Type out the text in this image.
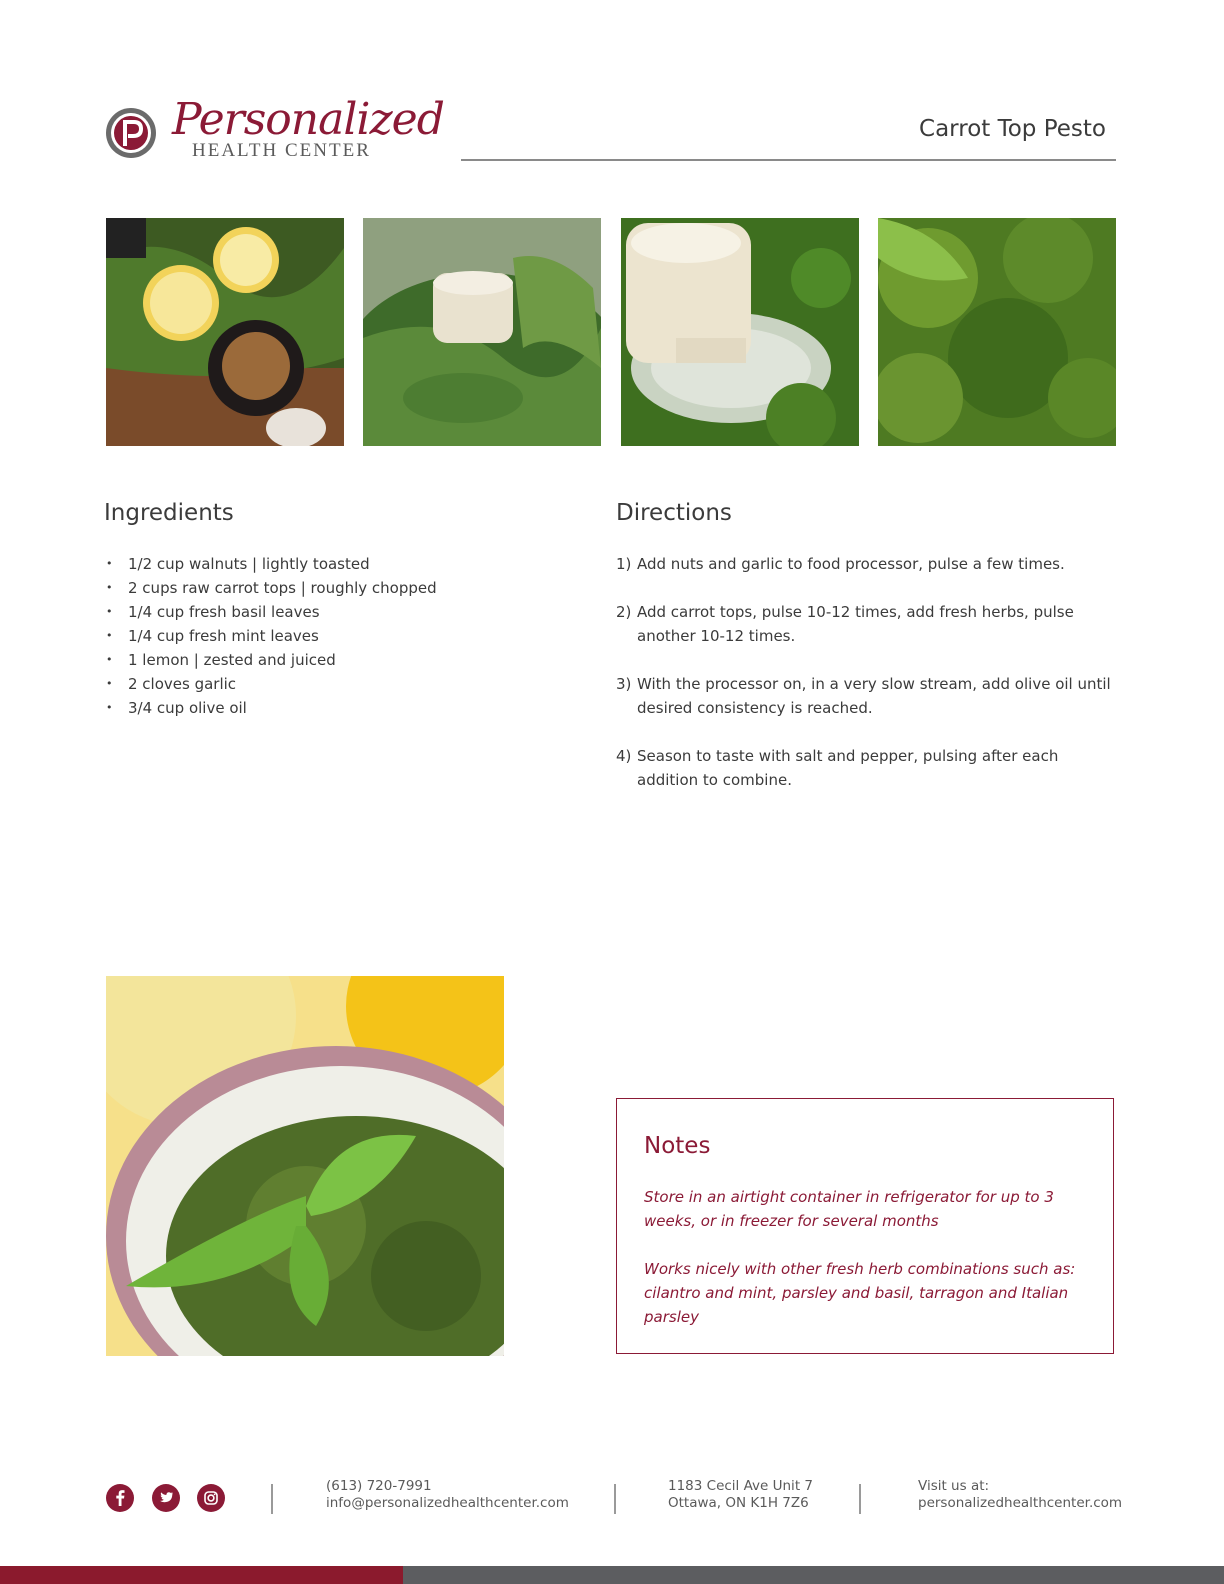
Personalized
HEALTH CENTER
Carrot Top Pesto
Ingredients
• 1/2 cup walnuts | lightly toasted
• 2 cups raw carrot tops | roughly chopped
• 1/4 cup fresh basil leaves
• 1/4 cup fresh mint leaves
• 1 lemon | zested and juiced
• 2 cloves garlic
• 3/4 cup olive oil
Directions
1) Add nuts and garlic to food processor, pulse a few times.
2) Add carrot tops, pulse 10-12 times, add fresh herbs, pulse another 10-12 times.
3) With the processor on, in a very slow stream, add olive oil until desired consistency is reached.
4) Season to taste with salt and pepper, pulsing after each addition to combine.
Notes
Store in an airtight container in refrigerator for up to 3 weeks, or in freezer for several months
Works nicely with other fresh herb combinations such as: cilantro and mint, parsley and basil, tarragon and Italian parsley
(613) 720-7991
info@personalizedhealthcenter.com
1183 Cecil Ave Unit 7
Ottawa, ON K1H 7Z6
Visit us at:
personalizedhealthcenter.com
